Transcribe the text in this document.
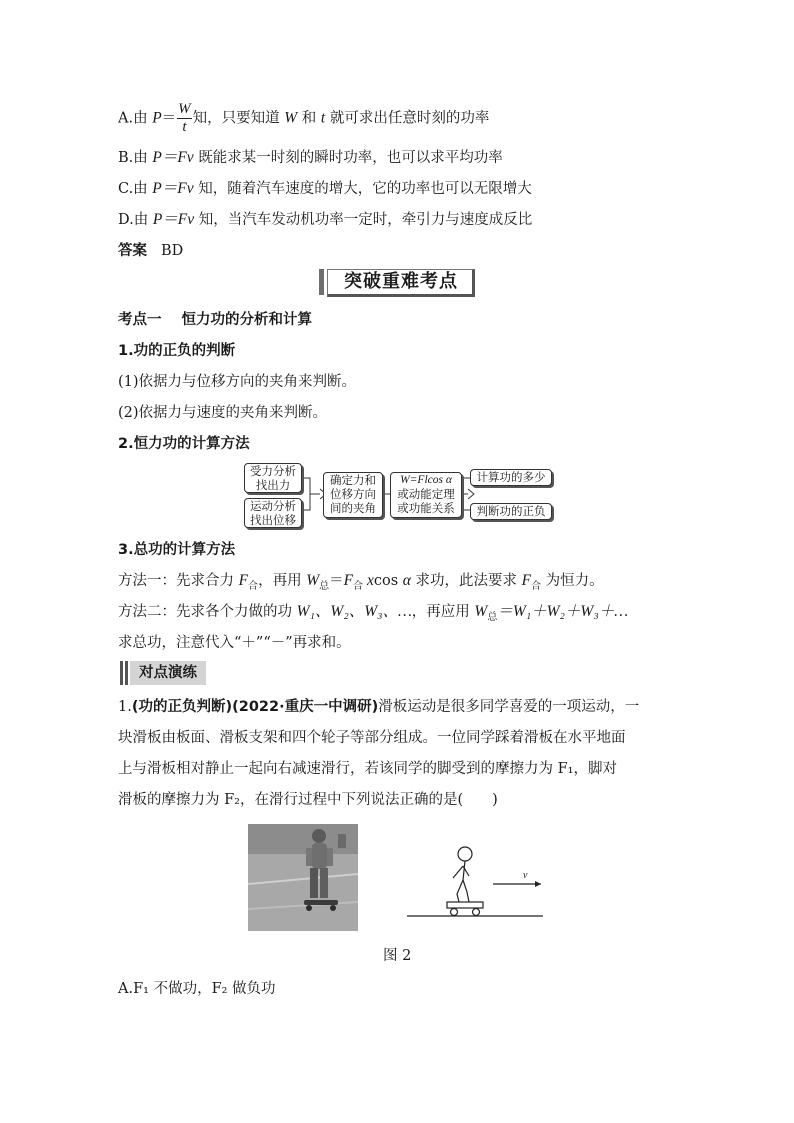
A.由 $P= \frac{W}{t}$ 知，只要知道 W 和 t 就可求出任意时刻的功率
B.由 P＝Fv 既能求某一时刻的瞬时功率，也可以求平均功率
C.由 P＝Fv 知，随着汽车速度的增大，它的功率也可以无限增大
D.由 P＝Fv 知，当汽车发动机功率一定时，牵引力与速度成反比
答案 BD
突破重难考点
考点一 恒力功的分析和计算
1.功的正负的判断
(1)依据力与位移方向的夹角来判断。
(2)依据力与速度的夹角来判断。
2.恒力功的计算方法
受力分析
找出力
运动分析
找出位移
确定力和
位移方向
间的夹角
W=Flcos α
或动能定理
或功能关系
计算功的多少
判断功的正负
3.总功的计算方法
方法一：先求合力 $F_合$，再用 $W_总=F_合$ xcos α 求功，此法要求 $F_合$ 为恒力。
方法二：先求各个力做的功 W₁、W₂、W₃、…，再应用 $W_总=W_1+W_2+W_3+\dots$
求总功，注意代入“＋”“－”再求和。
对点演练
1.(功的正负判断)(2022·重庆一中调研)滑板运动是很多同学喜爱的一项运动，一
块滑板由板面、滑板支架和四个轮子等部分组成。一位同学踩着滑板在水平地面
上与滑板相对静止一起向右减速滑行，若该同学的脚受到的摩擦力为 F₁，脚对
滑板的摩擦力为 F₂，在滑行过程中下列说法正确的是(　　)
v
图 2
A.F₁ 不做功，F₂ 做负功
